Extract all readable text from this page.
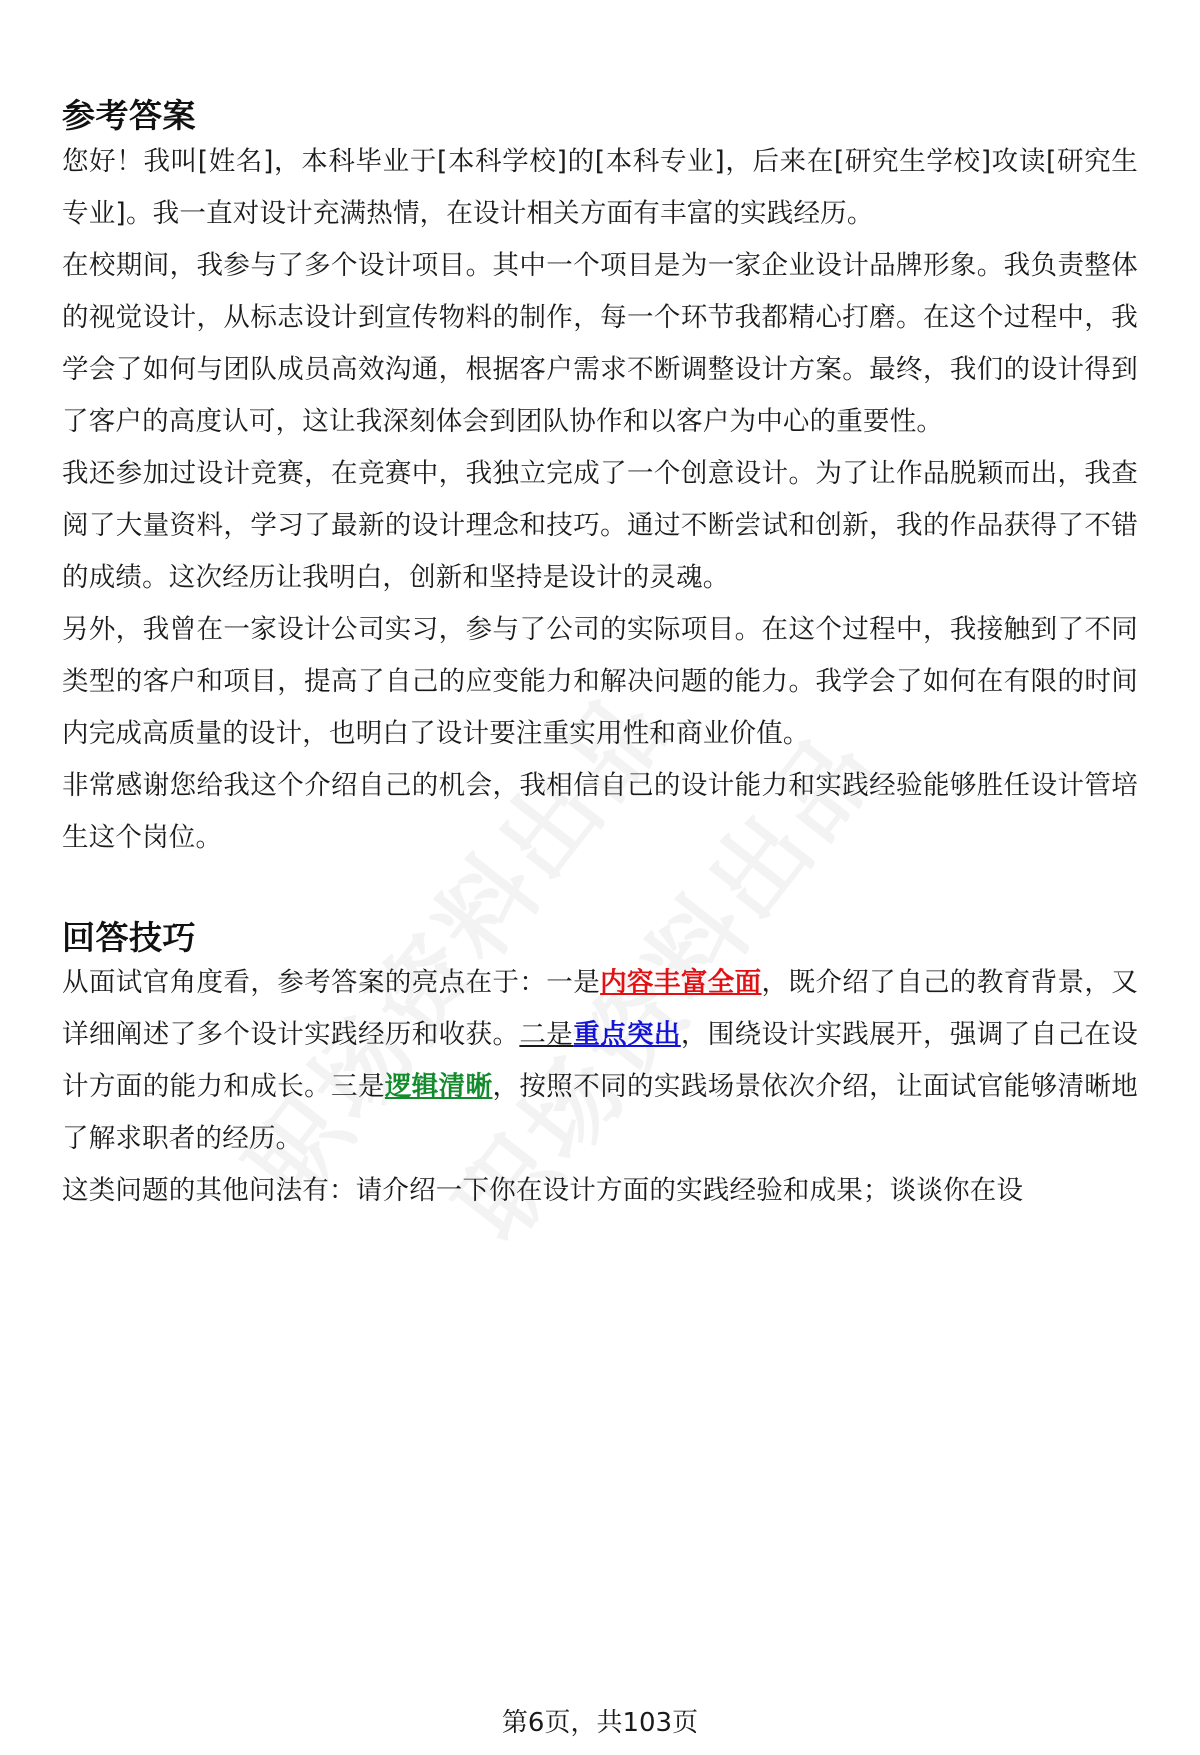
参考答案

您好！我叫[姓名]，本科毕业于[本科学校]的[本科专业]，后来在[研究生学校]攻读[研究生专业]。我一直对设计充满热情，在设计相关方面有丰富的实践经历。

在校期间，我参与了多个设计项目。其中一个项目是为一家企业设计品牌形象。我负责整体的视觉设计，从标志设计到宣传物料的制作，每一个环节我都精心打磨。在这个过程中，我学会了如何与团队成员高效沟通，根据客户需求不断调整设计方案。最终，我们的设计得到了客户的高度认可，这让我深刻体会到团队协作和以客户为中心的重要性。

我还参加过设计竞赛，在竞赛中，我独立完成了一个创意设计。为了让作品脱颖而出，我查阅了大量资料，学习了最新的设计理念和技巧。通过不断尝试和创新，我的作品获得了不错的成绩。这次经历让我明白，创新和坚持是设计的灵魂。

另外，我曾在一家设计公司实习，参与了公司的实际项目。在这个过程中，我接触到了不同类型的客户和项目，提高了自己的应变能力和解决问题的能力。我学会了如何在有限的时间内完成高质量的设计，也明白了设计要注重实用性和商业价值。

非常感谢您给我这个介绍自己的机会，我相信自己的设计能力和实践经验能够胜任设计管培生这个岗位。

回答技巧

从面试官角度看，参考答案的亮点在于：一是内容丰富全面，既介绍了自己的教育背景，又详细阐述了多个设计实践经历和收获。二是重点突出，围绕设计实践展开，强调了自己在设计方面的能力和成长。三是逻辑清晰，按照不同的实践场景依次介绍，让面试官能够清晰地了解求职者的经历。

这类问题的其他问法有：请介绍一下你在设计方面的实践经验和成果；谈谈你在设

第6页，共103页
